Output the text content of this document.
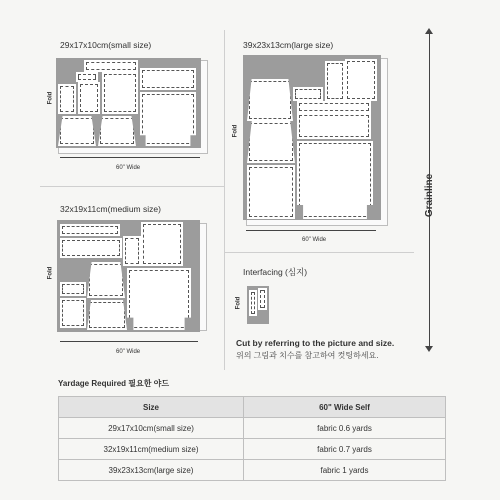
29x17x10cm(small size)
Fold
60" Wide
39x23x13cm(large size)
Fold
60" Wide
32x19x11cm(medium size)
Fold
60" Wide
Interfacing (심지)
Fold
Grainline
Cut by referring to the picture and size.
위의 그림과 치수를 참고하여 컷팅하세요.
Yardage Required 필요한 야드
Size	60" Wide Self
29x17x10cm(small size)	fabric 0.6 yards
32x19x11cm(medium size)	fabric 0.7 yards
39x23x13cm(large size)	fabric 1 yards
